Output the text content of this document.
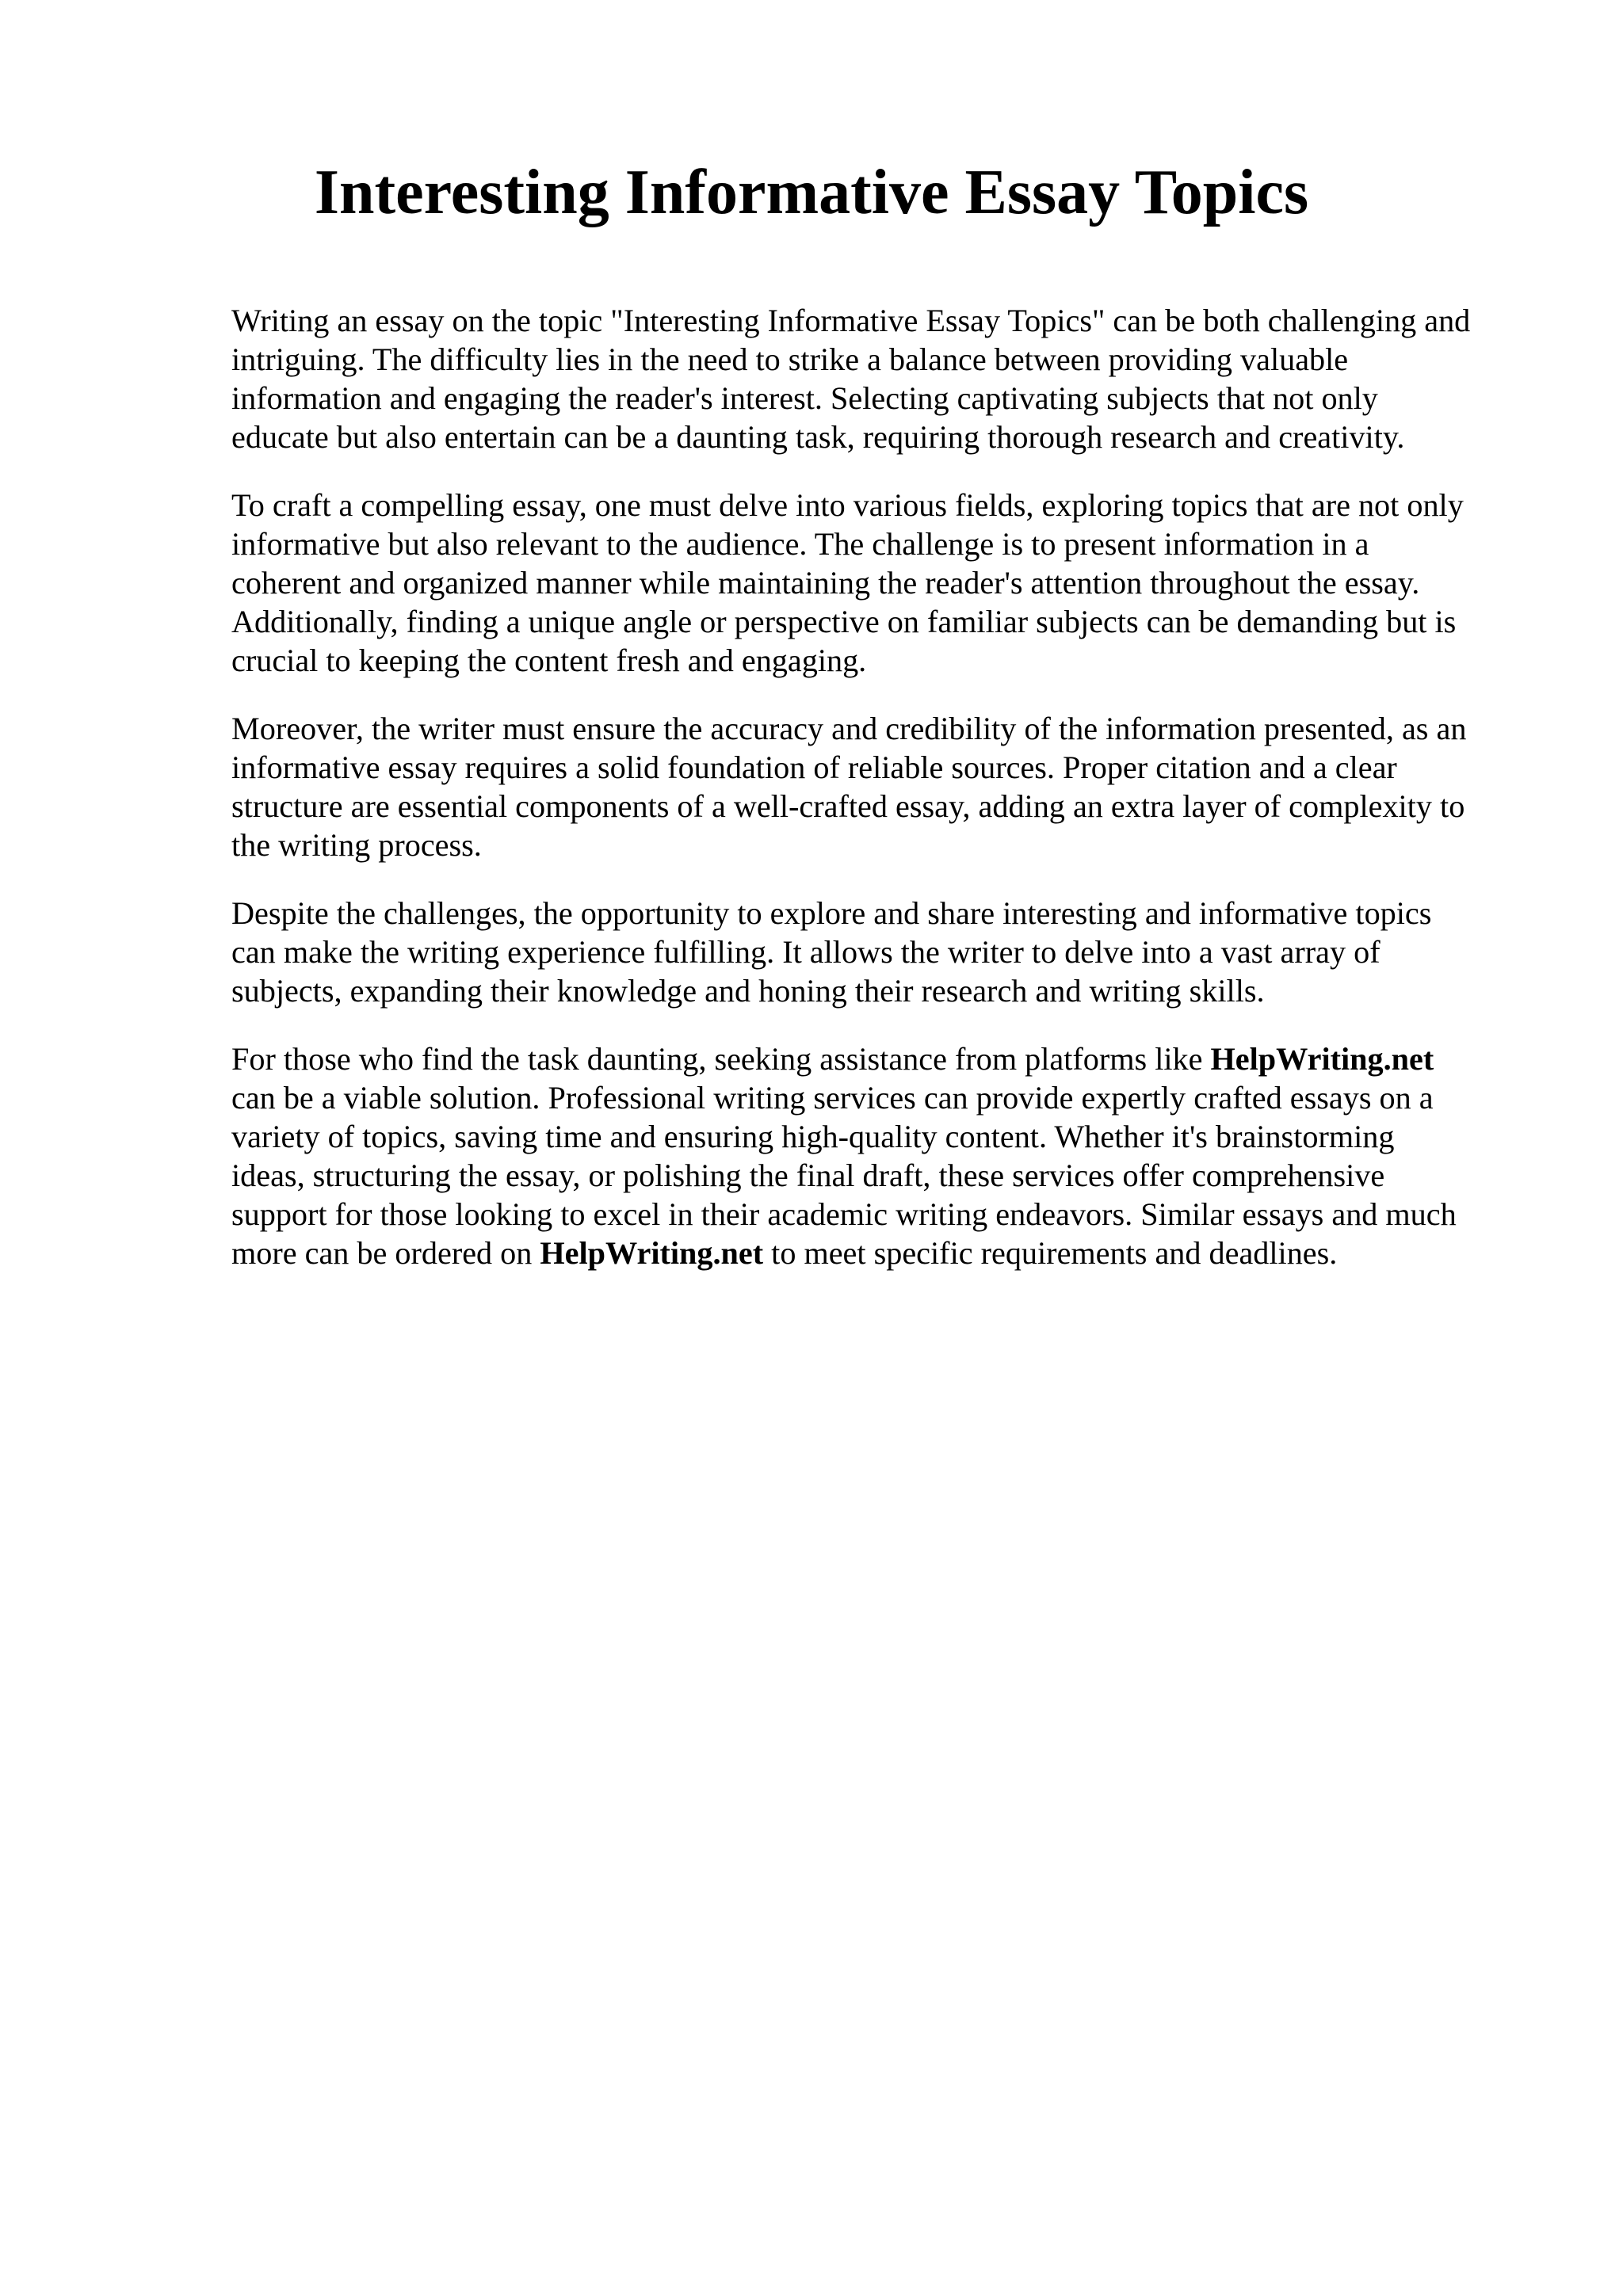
Interesting Informative Essay Topics

Writing an essay on the topic "Interesting Informative Essay Topics" can be both challenging and
intriguing. The difficulty lies in the need to strike a balance between providing valuable
information and engaging the reader's interest. Selecting captivating subjects that not only
educate but also entertain can be a daunting task, requiring thorough research and creativity.

To craft a compelling essay, one must delve into various fields, exploring topics that are not only
informative but also relevant to the audience. The challenge is to present information in a
coherent and organized manner while maintaining the reader's attention throughout the essay.
Additionally, finding a unique angle or perspective on familiar subjects can be demanding but is
crucial to keeping the content fresh and engaging.

Moreover, the writer must ensure the accuracy and credibility of the information presented, as an
informative essay requires a solid foundation of reliable sources. Proper citation and a clear
structure are essential components of a well-crafted essay, adding an extra layer of complexity to
the writing process.

Despite the challenges, the opportunity to explore and share interesting and informative topics
can make the writing experience fulfilling. It allows the writer to delve into a vast array of
subjects, expanding their knowledge and honing their research and writing skills.

For those who find the task daunting, seeking assistance from platforms like HelpWriting.net
can be a viable solution. Professional writing services can provide expertly crafted essays on a
variety of topics, saving time and ensuring high-quality content. Whether it's brainstorming
ideas, structuring the essay, or polishing the final draft, these services offer comprehensive
support for those looking to excel in their academic writing endeavors. Similar essays and much
more can be ordered on HelpWriting.net to meet specific requirements and deadlines.
